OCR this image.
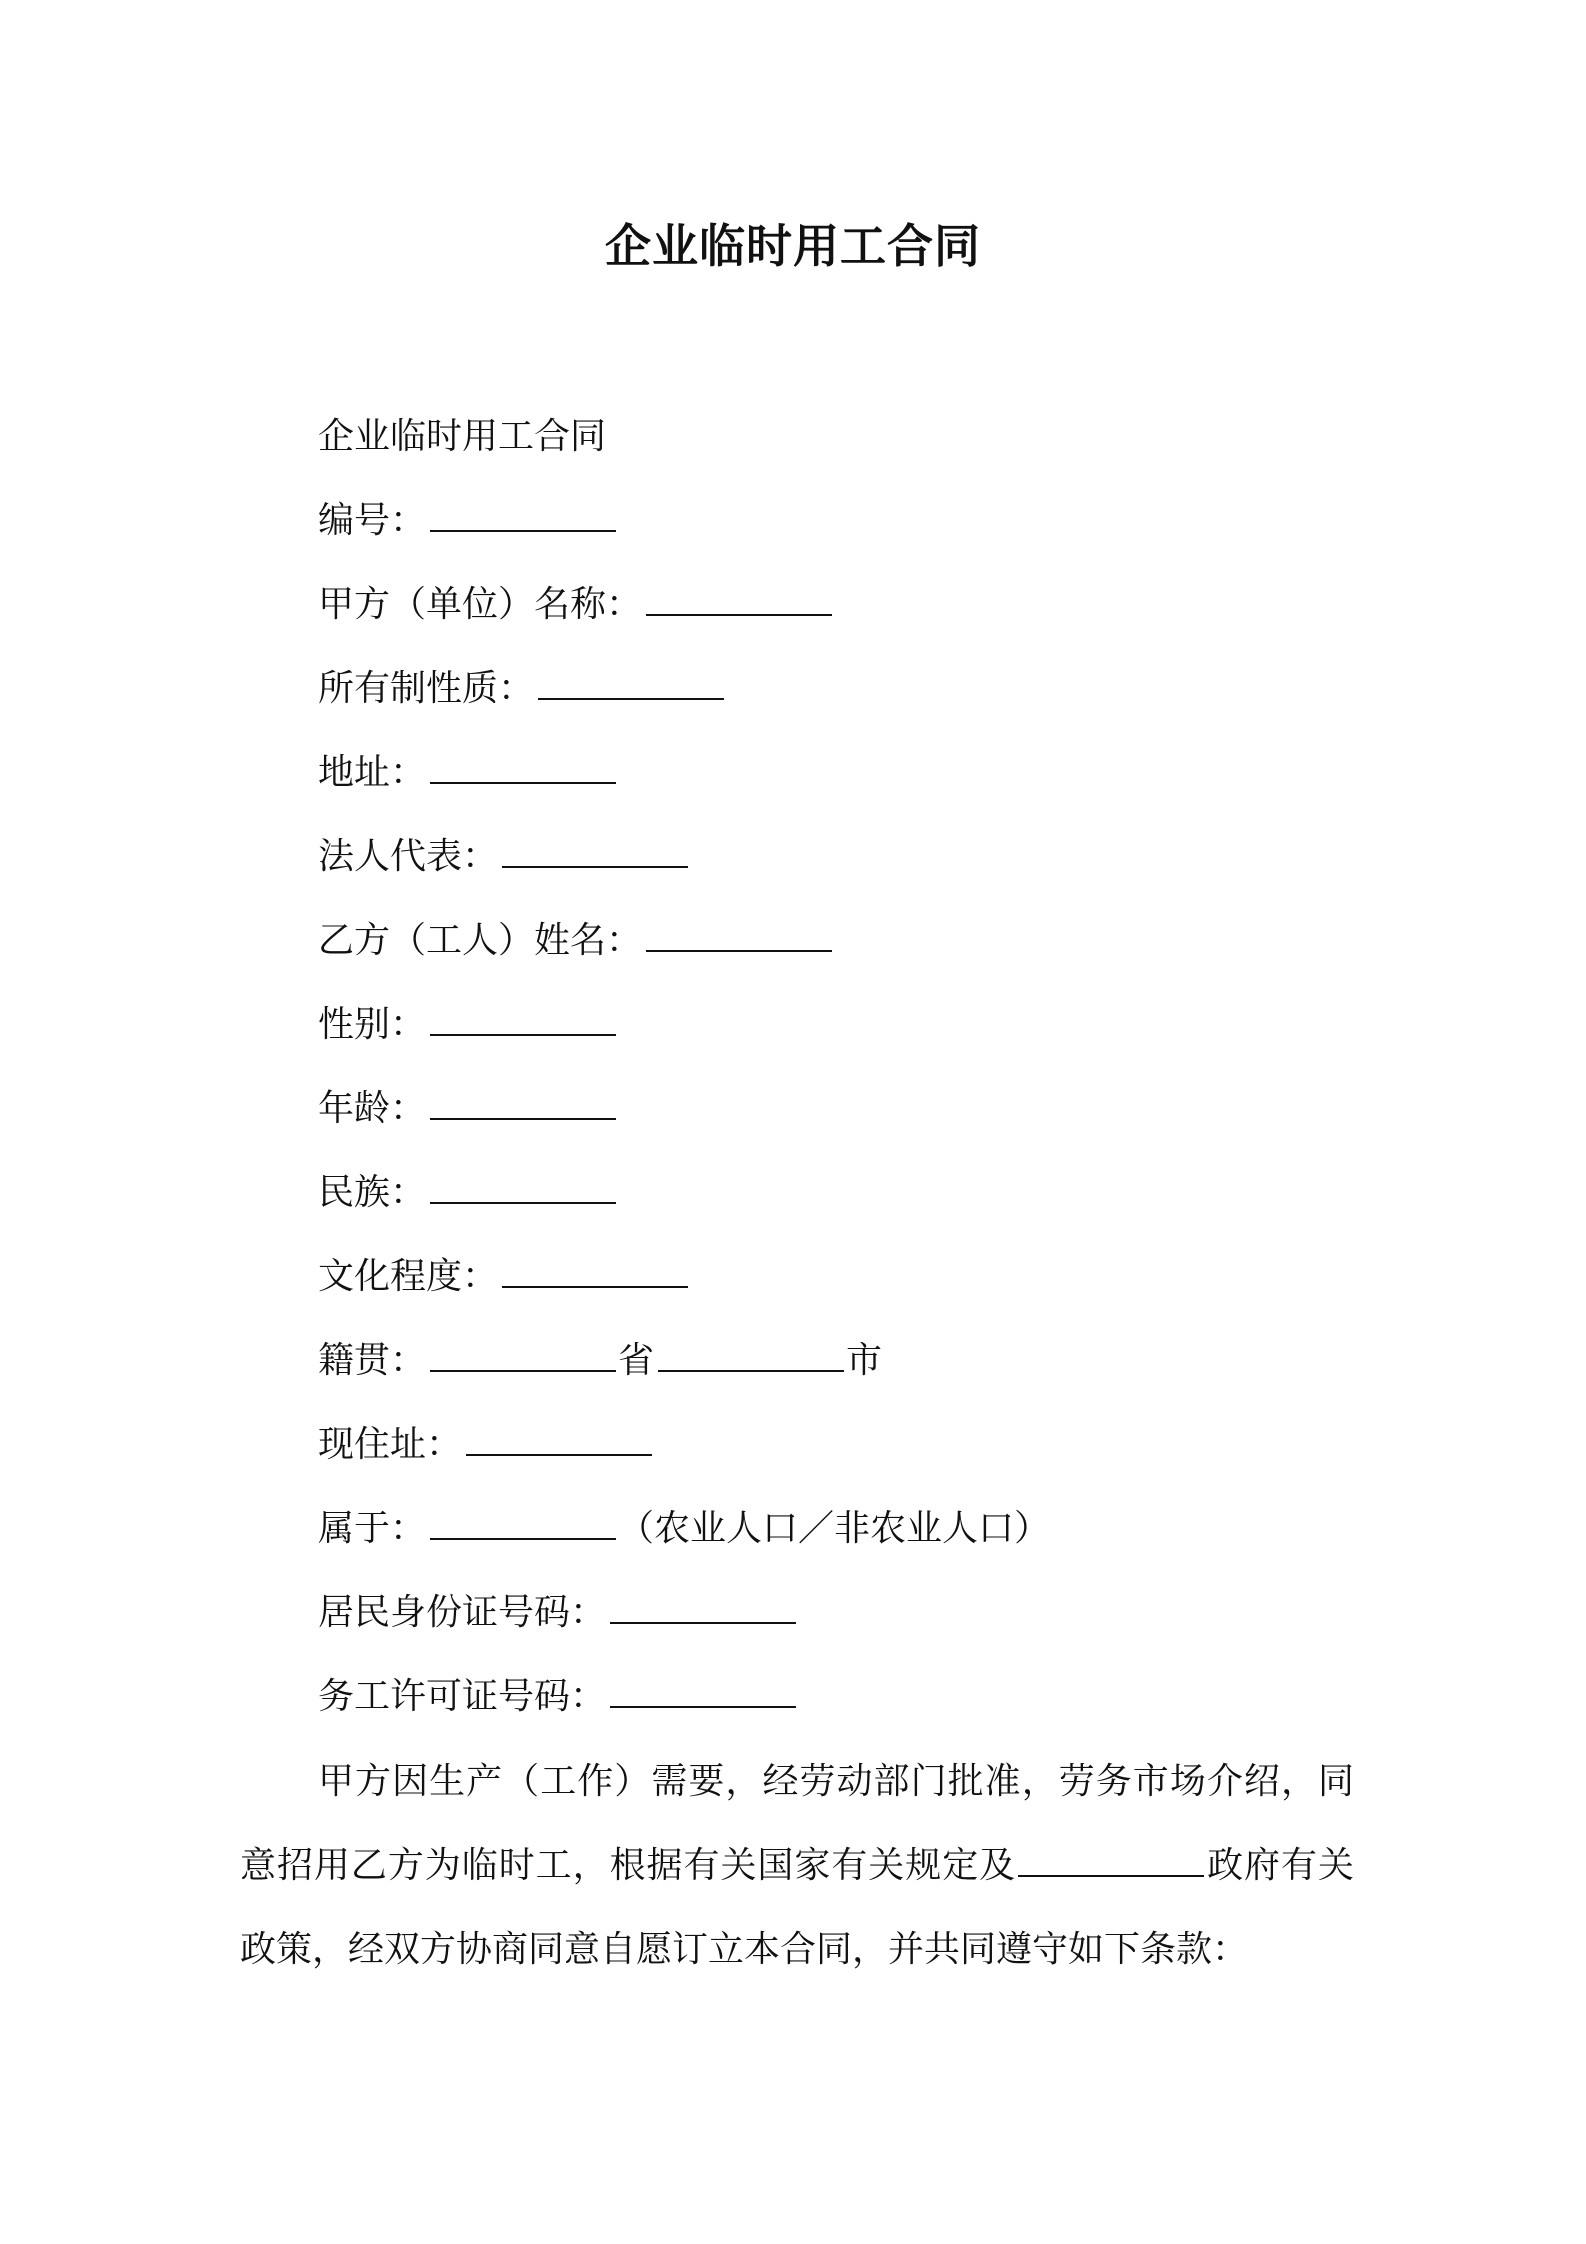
企业临时用工合同
企业临时用工合同
编号：
甲方（单位）名称：
所有制性质：
地址：
法人代表：
乙方（工人）姓名：
性别：
年龄：
民族：
文化程度：
籍贯：	省	市
现住址：
属于：	（农业人口／非农业人口）
居民身份证号码：
务工许可证号码：

甲方因生产（工作）需要，经劳动部门批准，劳务市场介绍，同意招用乙方为临时工，根据有关国家有关规定及	政府有关政策，经双方协商同意自愿订立本合同，并共同遵守如下条款：
